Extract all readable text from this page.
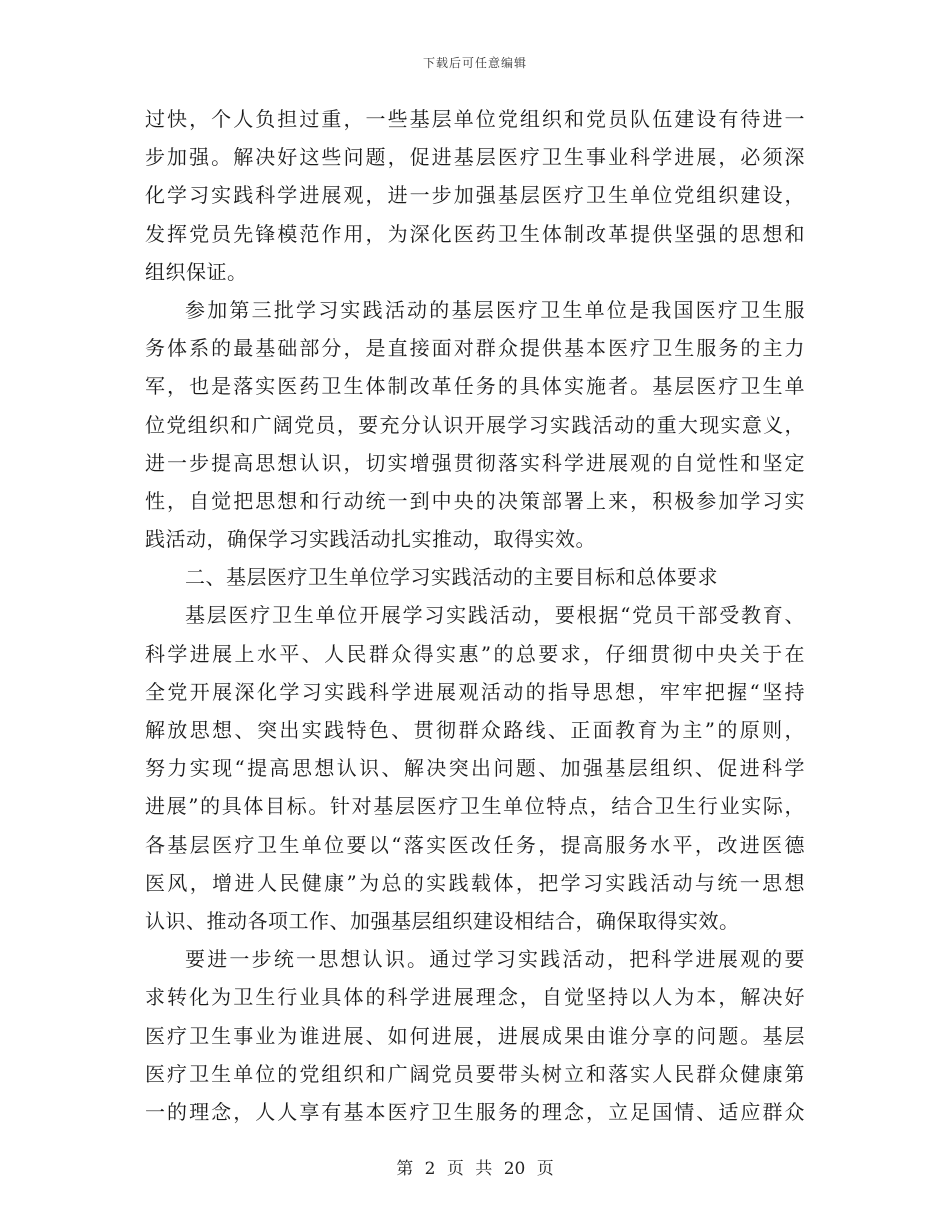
下载后可任意编辑
过快，个人负担过重，一些基层单位党组织和党员队伍建设有待进一
步加强。解决好这些问题，促进基层医疗卫生事业科学进展，必须深
化学习实践科学进展观，进一步加强基层医疗卫生单位党组织建设，
发挥党员先锋模范作用，为深化医药卫生体制改革提供坚强的思想和
组织保证。
参加第三批学习实践活动的基层医疗卫生单位是我国医疗卫生服
务体系的最基础部分，是直接面对群众提供基本医疗卫生服务的主力
军，也是落实医药卫生体制改革任务的具体实施者。基层医疗卫生单
位党组织和广阔党员，要充分认识开展学习实践活动的重大现实意义，
进一步提高思想认识，切实增强贯彻落实科学进展观的自觉性和坚定
性，自觉把思想和行动统一到中央的决策部署上来，积极参加学习实
践活动，确保学习实践活动扎实推动，取得实效。
二、基层医疗卫生单位学习实践活动的主要目标和总体要求
基层医疗卫生单位开展学习实践活动，要根据“党员干部受教育、
科学进展上水平、人民群众得实惠”的总要求，仔细贯彻中央关于在
全党开展深化学习实践科学进展观活动的指导思想，牢牢把握“坚持
解放思想、突出实践特色、贯彻群众路线、正面教育为主”的原则，
努力实现“提高思想认识、解决突出问题、加强基层组织、促进科学
进展”的具体目标。针对基层医疗卫生单位特点，结合卫生行业实际，
各基层医疗卫生单位要以“落实医改任务，提高服务水平，改进医德
医风，增进人民健康”为总的实践载体，把学习实践活动与统一思想
认识、推动各项工作、加强基层组织建设相结合，确保取得实效。
要进一步统一思想认识。通过学习实践活动，把科学进展观的要
求转化为卫生行业具体的科学进展理念，自觉坚持以人为本，解决好
医疗卫生事业为谁进展、如何进展，进展成果由谁分享的问题。基层
医疗卫生单位的党组织和广阔党员要带头树立和落实人民群众健康第
一的理念，人人享有基本医疗卫生服务的理念，立足国情、适应群众
第 2 页 共 20 页
